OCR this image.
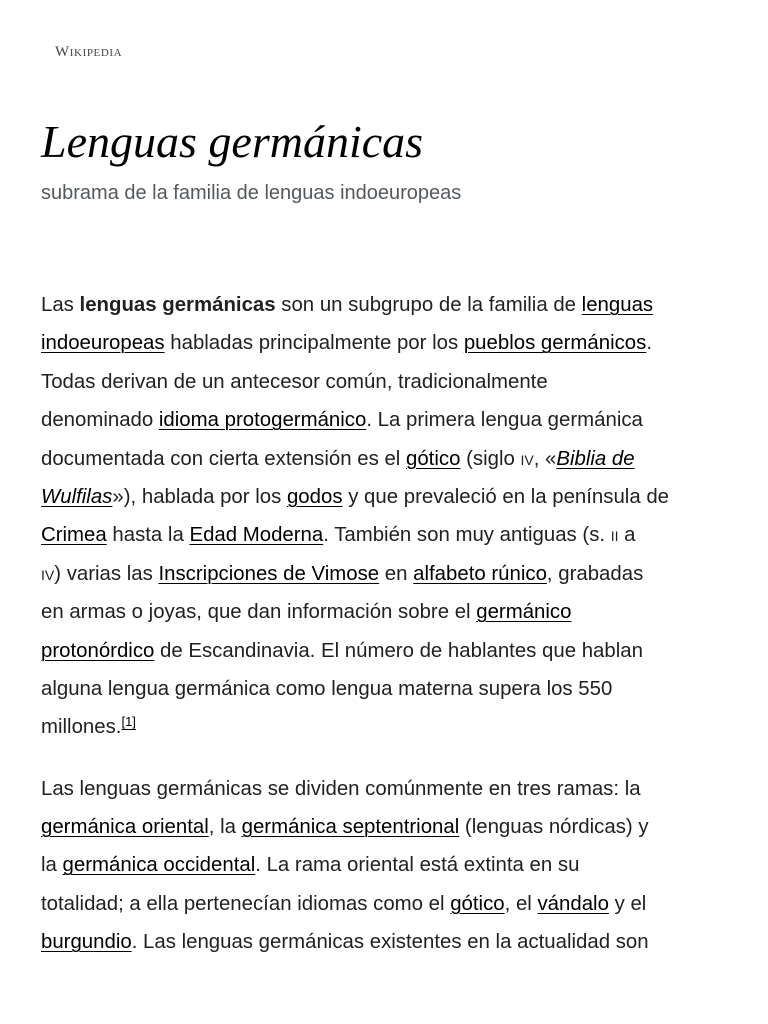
Wikipedia
Lenguas germánicas
subrama de la familia de lenguas indoeuropeas

Las lenguas germánicas son un subgrupo de la familia de lenguas
indoeuropeas habladas principalmente por los pueblos germánicos.
Todas derivan de un antecesor común, tradicionalmente
denominado idioma protogermánico. La primera lengua germánica
documentada con cierta extensión es el gótico (siglo iv, «Biblia de
Wulfilas»), hablada por los godos y que prevaleció en la península de
Crimea hasta la Edad Moderna. También son muy antiguas (s. ii a
iv) varias las Inscripciones de Vimose en alfabeto rúnico, grabadas
en armas o joyas, que dan información sobre el germánico
protonórdico de Escandinavia. El número de hablantes que hablan
alguna lengua germánica como lengua materna supera los 550
millones.[1]

Las lenguas germánicas se dividen comúnmente en tres ramas: la
germánica oriental, la germánica septentrional (lenguas nórdicas) y
la germánica occidental. La rama oriental está extinta en su
totalidad; a ella pertenecían idiomas como el gótico, el vándalo y el
burgundio. Las lenguas germánicas existentes en la actualidad son
